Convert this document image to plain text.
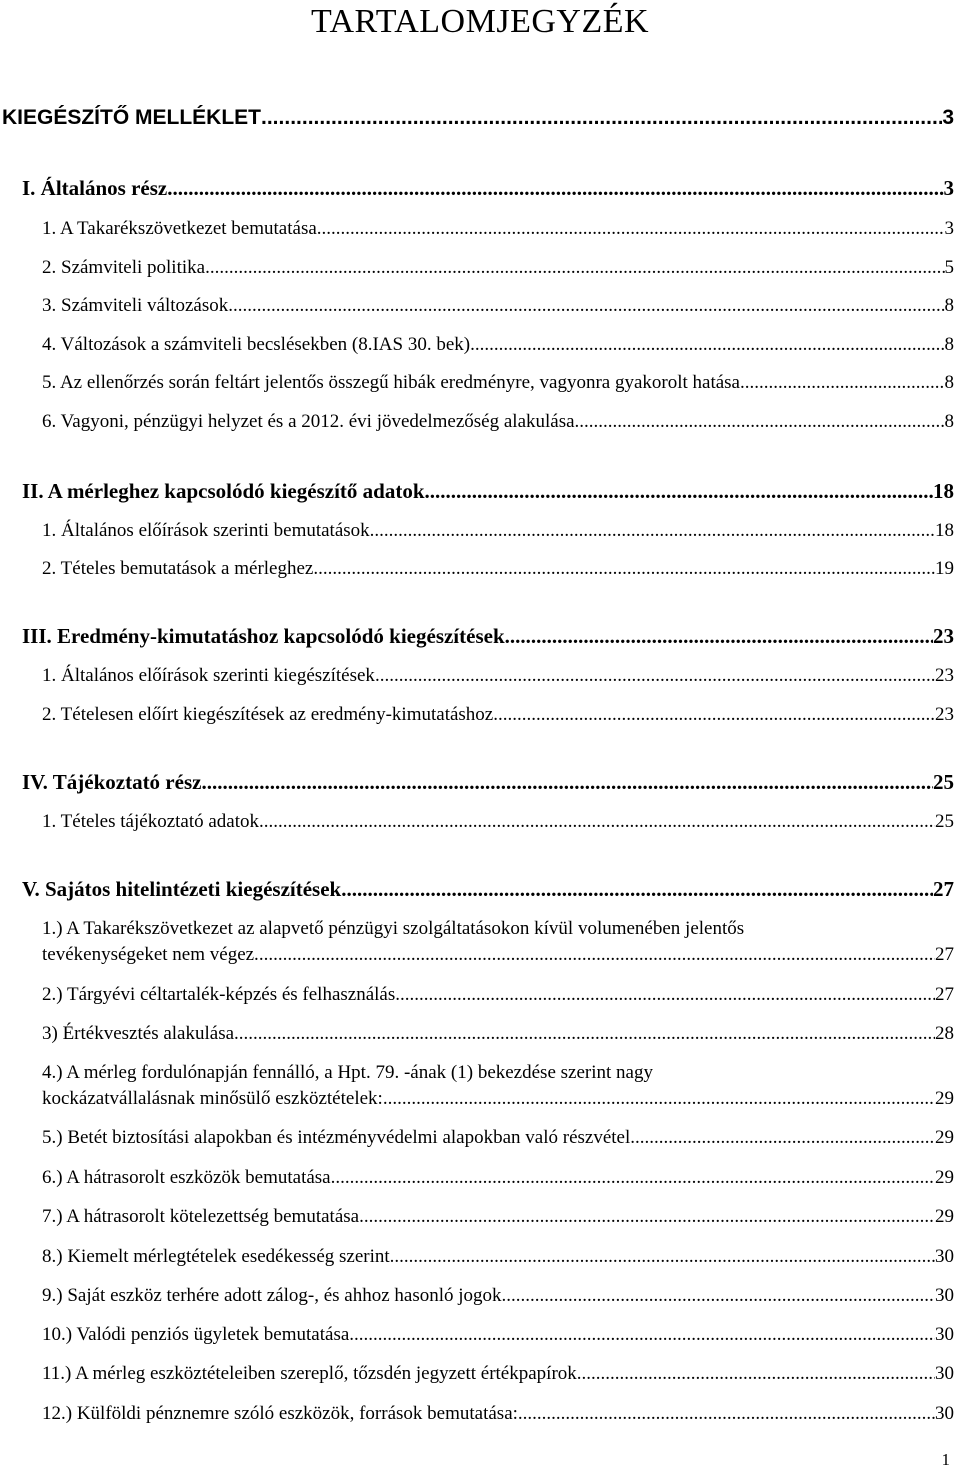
TARTALOMJEGYZÉK
KIEGÉSZÍTŐ MELLÉKLET .....	3
I. Általános rész .....	3
1. A Takarékszövetkezet bemutatása .....	3
2. Számviteli politika .....	5
3. Számviteli változások .....	8
4. Változások a számviteli becslésekben (8.IAS 30. bek) .....	8
5. Az ellenőrzés során feltárt jelentős összegű hibák eredményre, vagyonra gyakorolt hatása .....	8
6. Vagyoni, pénzügyi helyzet és a 2012. évi jövedelmezőség alakulása .....	8
II. A mérleghez kapcsolódó kiegészítő adatok .....	18
1. Általános előírások szerinti bemutatások .....	18
2. Tételes bemutatások a mérleghez .....	19
III. Eredmény-kimutatáshoz kapcsolódó kiegészítések .....	23
1. Általános előírások szerinti kiegészítések .....	23
2. Tételesen előírt kiegészítések az eredmény-kimutatáshoz .....	23
IV. Tájékoztató rész .....	25
1. Tételes tájékoztató adatok .....	25
V. Sajátos hitelintézeti kiegészítések .....	27
1.) A Takarékszövetkezet az alapvető pénzügyi szolgáltatásokon kívül volumenében jelentős
tevékenységeket nem végez. .....	27
2.) Tárgyévi céltartalék-képzés és felhasználás .....	27
3) Értékvesztés alakulása .....	28
4.) A mérleg fordulónapján fennálló, a Hpt. 79. -ának (1) bekezdése szerint nagy
kockázatvállalásnak minősülő eszköztételek: .....	29
5.) Betét biztosítási alapokban és intézményvédelmi alapokban való részvétel .....	29
6.) A hátrasorolt eszközök bemutatása .....	29
7.) A hátrasorolt kötelezettség bemutatása .....	29
8.) Kiemelt mérlegtételek esedékesség szerint .....	30
9.) Saját eszköz terhére adott zálog-, és ahhoz hasonló jogok .....	30
10.) Valódi penziós ügyletek bemutatása .....	30
11.) A mérleg eszköztételeiben szereplő, tőzsdén jegyzett értékpapírok .....	30
12.) Külföldi pénznemre szóló eszközök, források bemutatása: .....	30
1
